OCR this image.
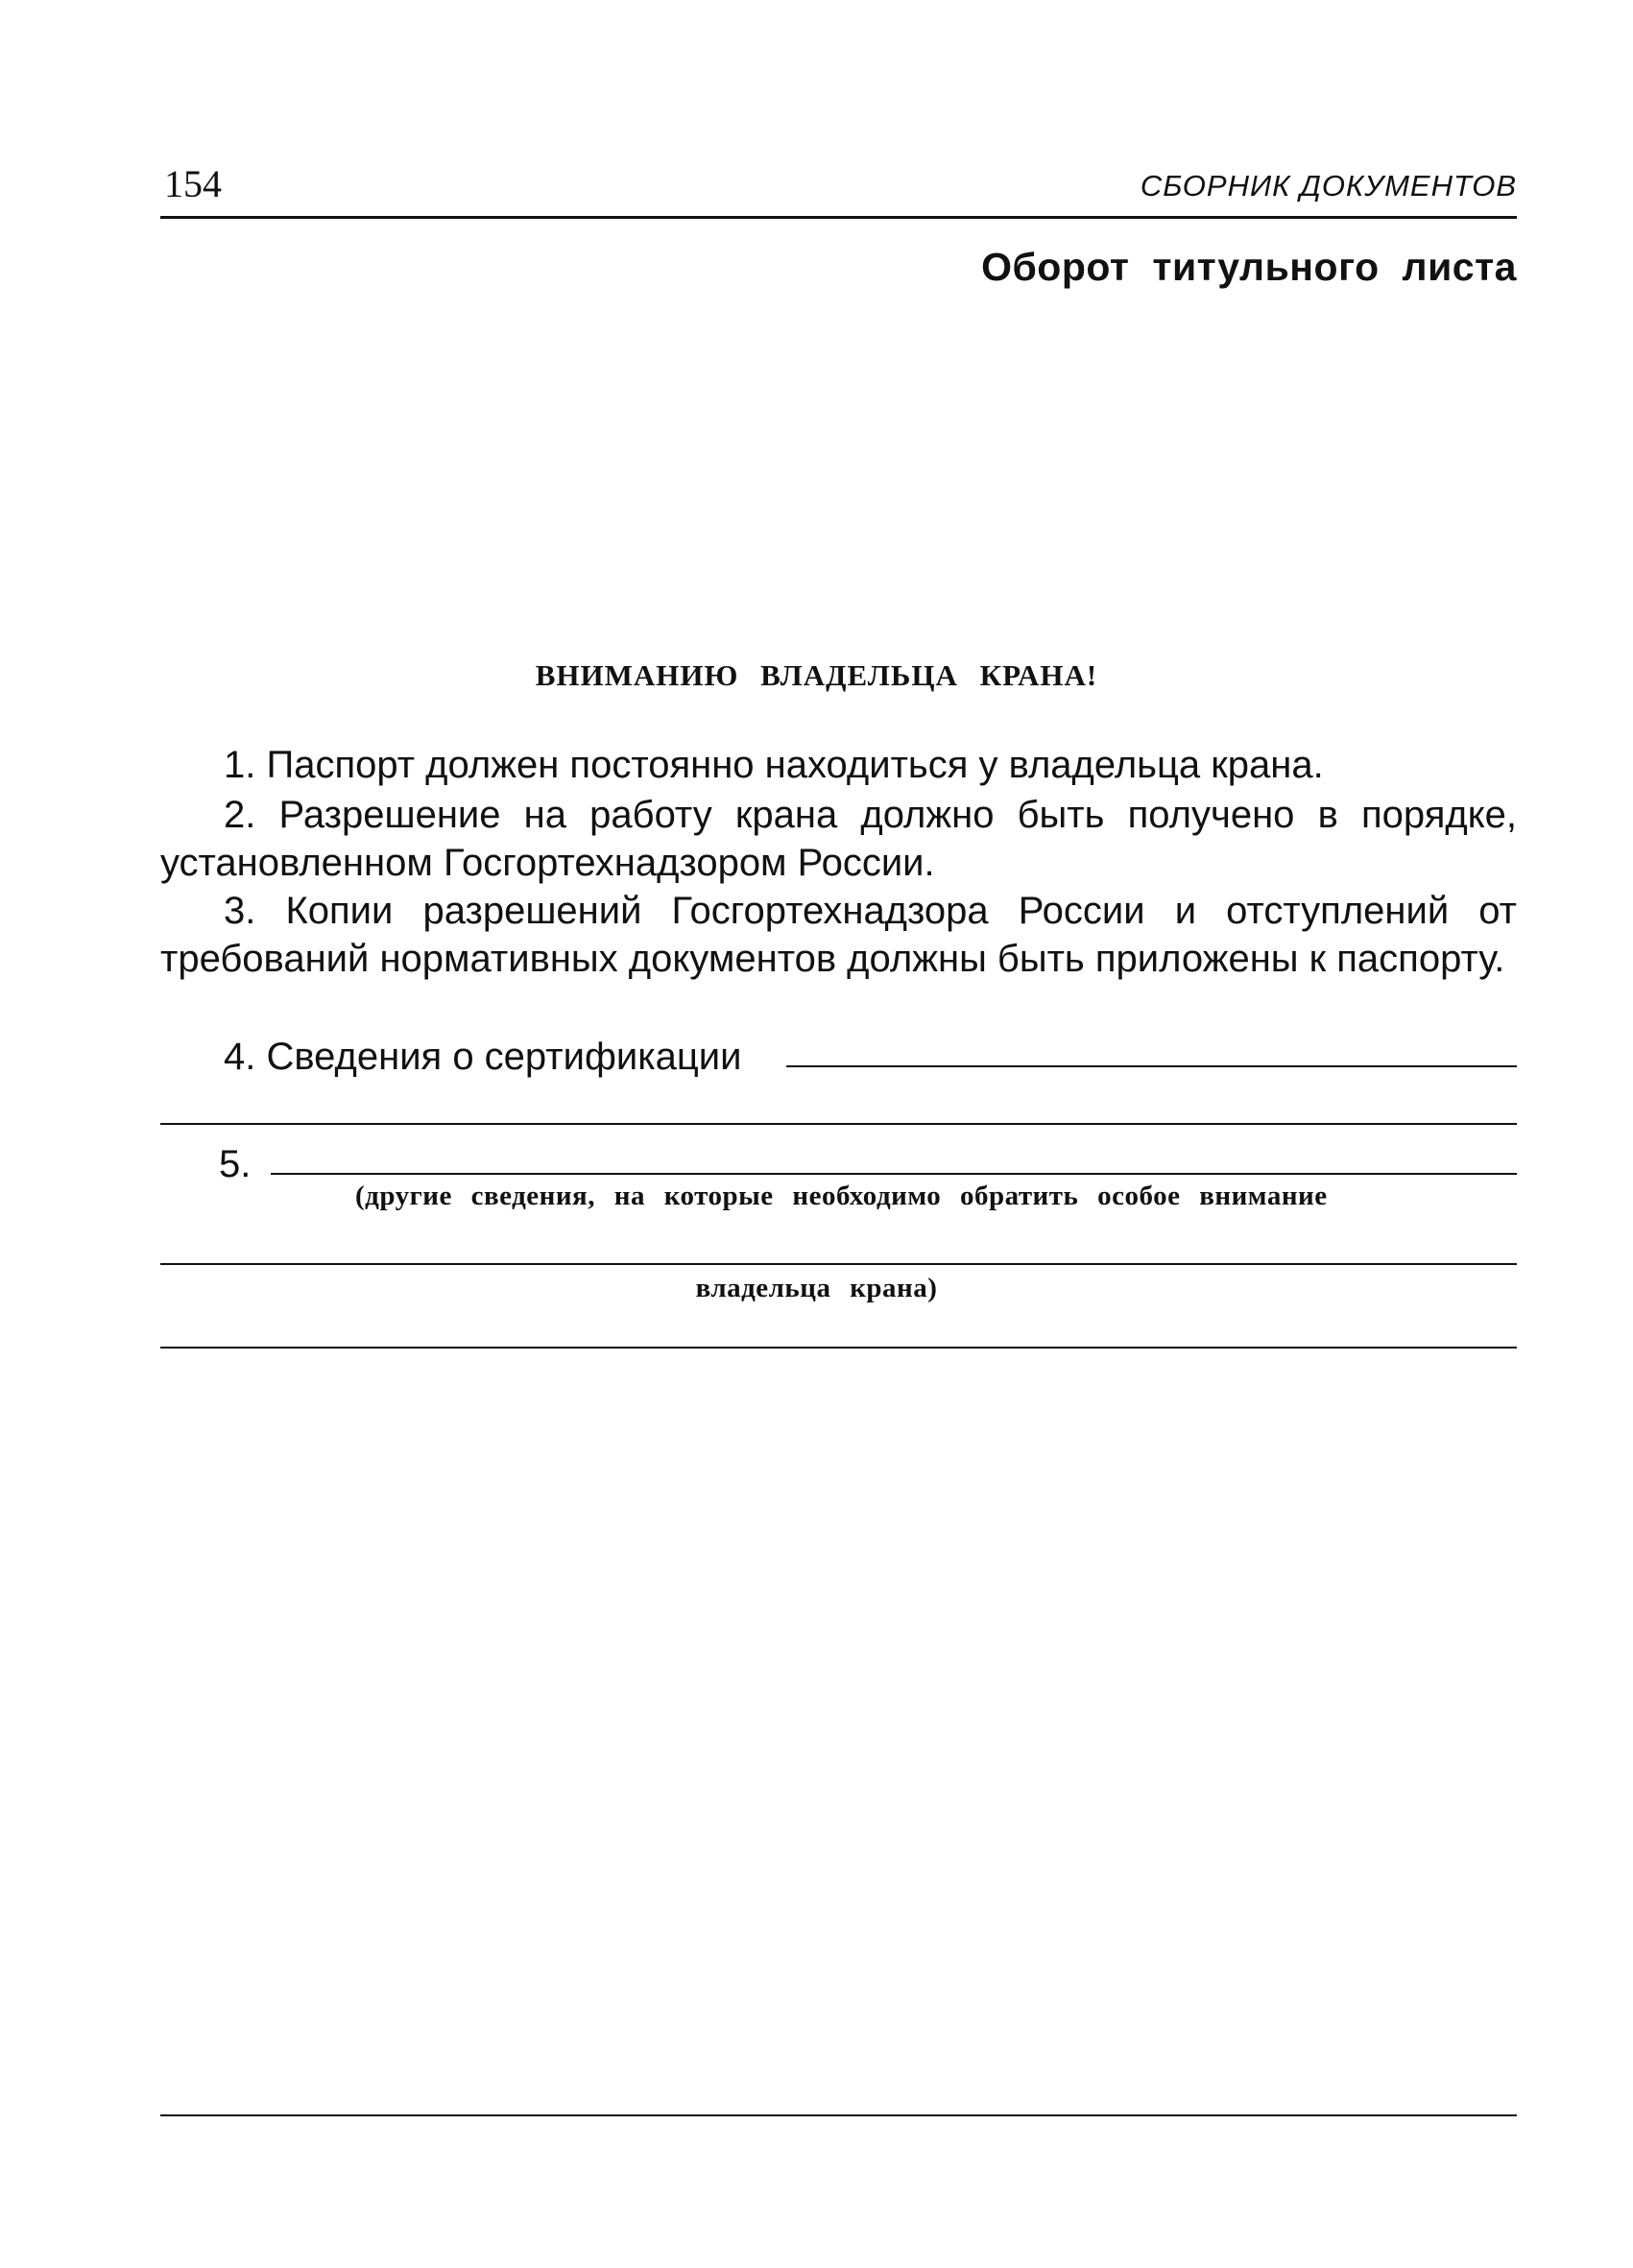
154	СБОРНИК ДОКУМЕНТОВ
Оборот титульного листа
ВНИМАНИЮ ВЛАДЕЛЬЦА КРАНА!

1. Паспорт должен постоянно находиться у владельца крана.

2. Разрешение на работу крана должно быть получено в порядке, установленном Госгортехнадзором России.

3. Копии разрешений Госгортехнадзора России и отступлений от требований нормативных документов должны быть приложены к паспорту.

4. Сведения о сертификации
5.
(другие сведения, на которые необходимо обратить особое внимание
владельца крана)
